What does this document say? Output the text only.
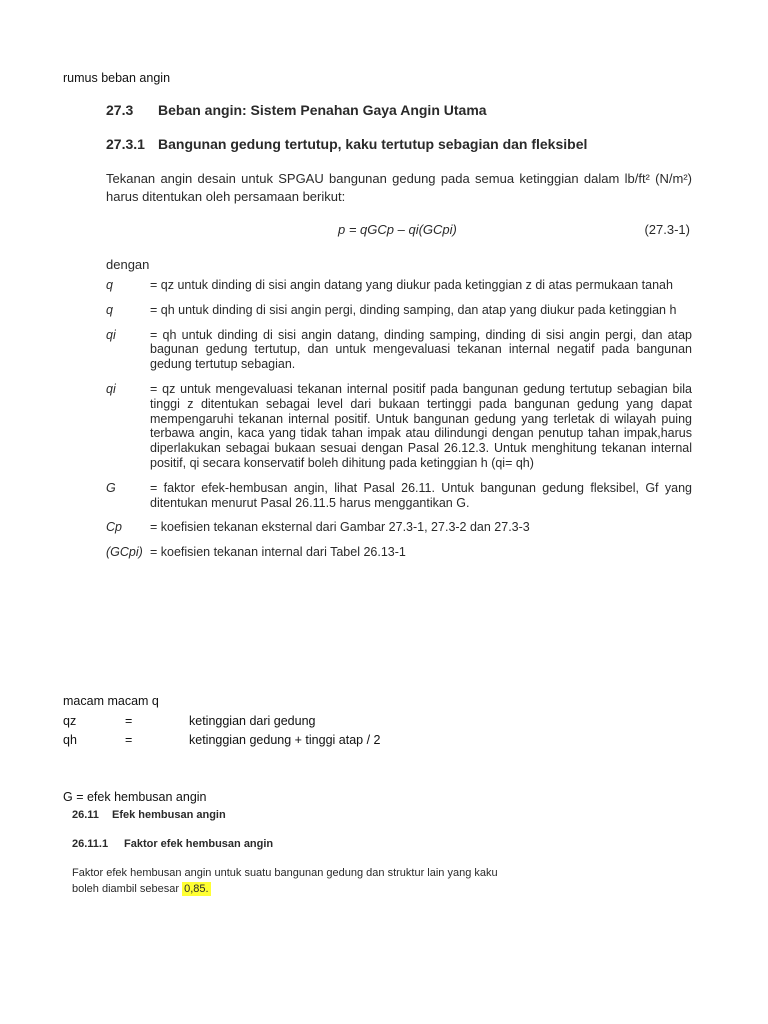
rumus beban angin
27.3 Beban angin: Sistem Penahan Gaya Angin Utama
27.3.1 Bangunan gedung tertutup, kaku tertutup sebagian dan fleksibel
Tekanan angin desain untuk SPGAU bangunan gedung pada semua ketinggian dalam lb/ft² (N/m²) harus ditentukan oleh persamaan berikut:
p = qGCp – qi(GCpi)	(27.3-1)
dengan
q	= qz untuk dinding di sisi angin datang yang diukur pada ketinggian z di atas permukaan tanah
q	= qh untuk dinding di sisi angin pergi, dinding samping, dan atap yang diukur pada ketinggian h
qi	= qh untuk dinding di sisi angin datang, dinding samping, dinding di sisi angin pergi, dan atap bagunan gedung tertutup, dan untuk mengevaluasi tekanan internal negatif pada bangunan gedung tertutup sebagian.
qi	= qz untuk mengevaluasi tekanan internal positif pada bangunan gedung tertutup sebagian bila tinggi z ditentukan sebagai level dari bukaan tertinggi pada bangunan gedung yang dapat mempengaruhi tekanan internal positif. Untuk bangunan gedung yang terletak di wilayah puing terbawa angin, kaca yang tidak tahan impak atau dilindungi dengan penutup tahan impak,harus diperlakukan sebagai bukaan sesuai dengan Pasal 26.12.3. Untuk menghitung tekanan internal positif, qi secara konservatif boleh dihitung pada ketinggian h (qi= qh)
G	= faktor efek-hembusan angin, lihat Pasal 26.11. Untuk bangunan gedung fleksibel, Gf yang ditentukan menurut Pasal 26.11.5 harus menggantikan G.
Cp	= koefisien tekanan eksternal dari Gambar 27.3-1, 27.3-2 dan 27.3-3
(GCpi) = koefisien tekanan internal dari Tabel 26.13-1
macam macam q
qz	=	ketinggian dari gedung
qh	=	ketinggian gedung + tinggi atap / 2
G = efek hembusan angin
26.11 Efek hembusan angin
26.11.1 Faktor efek hembusan angin
Faktor efek hembusan angin untuk suatu bangunan gedung dan struktur lain yang kaku
boleh diambil sebesar 0,85.
